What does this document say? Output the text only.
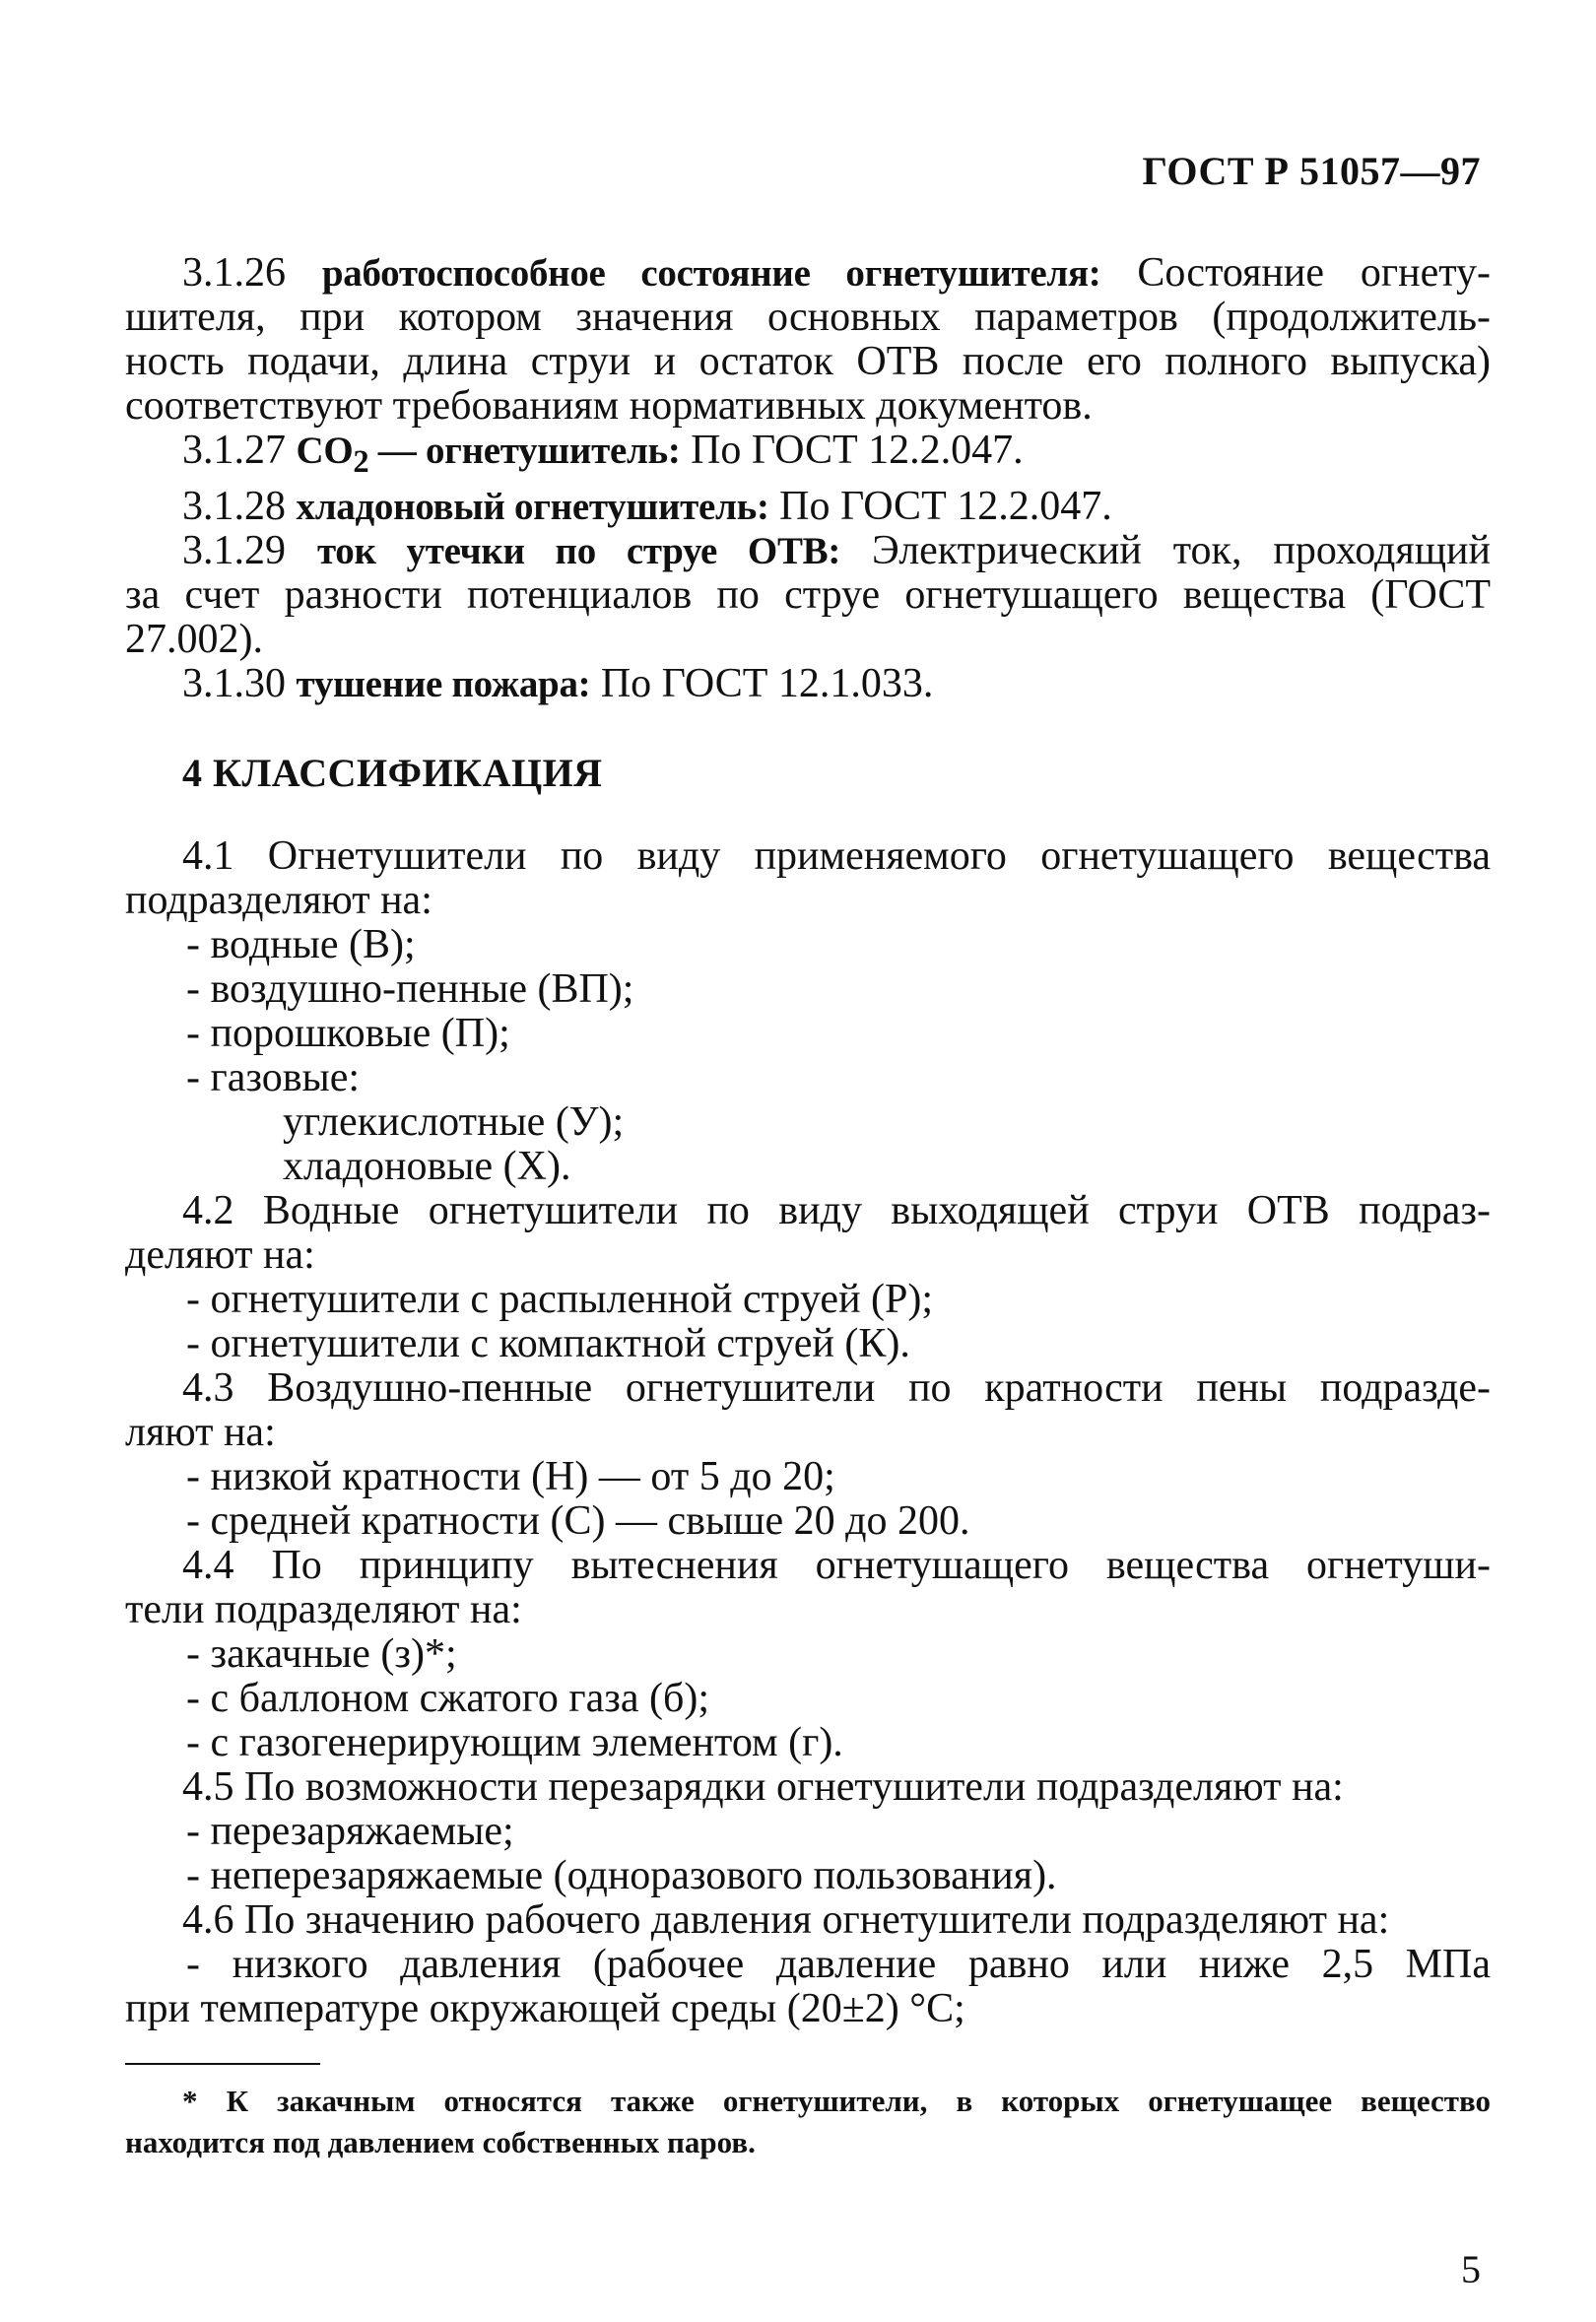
ГОСТ Р 51057—97

3.1.26 работоспособное состояние огнетушителя: Состояние огнету-

шителя, при котором значения основных параметров (продолжитель-

ность подачи, длина струи и остаток ОТВ после его полного выпуска)

соответствуют требованиям нормативных документов.

3.1.27 $CO_2$ — огнетушитель: По ГОСТ 12.2.047.

3.1.28 хладоновый огнетушитель: По ГОСТ 12.2.047.

3.1.29 ток утечки по струе ОТВ: Электрический ток, проходящий

за счет разности потенциалов по струе огнетушащего вещества (ГОСТ

27.002).

3.1.30 тушение пожара: По ГОСТ 12.1.033.

4 КЛАССИФИКАЦИЯ

4.1 Огнетушители по виду применяемого огнетушащего вещества

подразделяют на:

- водные (В);

- воздушно-пенные (ВП);

- порошковые (П);

- газовые:

углекислотные (У);

хладоновые (Х).

4.2 Водные огнетушители по виду выходящей струи ОТВ подраз-

деляют на:

- огнетушители с распыленной струей (Р);

- огнетушители с компактной струей (К).

4.3 Воздушно-пенные огнетушители по кратности пены подразде-

ляют на:

- низкой кратности (Н) — от 5 до 20;

- средней кратности (С) — свыше 20 до 200.

4.4 По принципу вытеснения огнетушащего вещества огнетуши-

тели подразделяют на:

- закачные (з)*;

- с баллоном сжатого газа (б);

- с газогенерирующим элементом (г).

4.5 По возможности перезарядки огнетушители подразделяют на:

- перезаряжаемые;

- неперезаряжаемые (одноразового пользования).

4.6 По значению рабочего давления огнетушители подразделяют на:

- низкого давления (рабочее давление равно или ниже 2,5 МПа

при температуре окружающей среды (20±2) °С;

* К закачным относятся также огнетушители, в которых огнетушащее вещество

находится под давлением собственных паров.

5
